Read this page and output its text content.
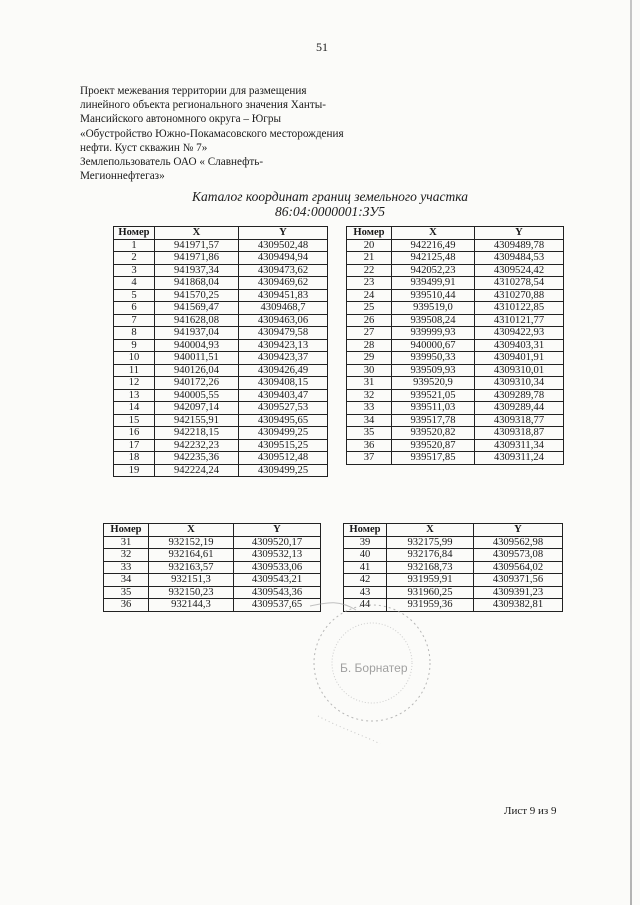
51
Проект межевания территории для размещения
линейного объекта регионального значения Ханты-
Мансийского автономного округа – Югры
«Обустройство Южно-Покамасовского месторождения
нефти. Куст скважин № 7»
Землепользователь ОАО « Славнефть-
Мегионнефтегаз»
Каталог координат границ земельного участка
86:04:0000001:ЗУ5
Номер	X	Y
1	941971,57	4309502,48
2	941971,86	4309494,94
3	941937,34	4309473,62
4	941868,04	4309469,62
5	941570,25	4309451,83
6	941569,47	4309468,7
7	941628,08	4309463,06
8	941937,04	4309479,58
9	940004,93	4309423,13
10	940011,51	4309423,37
11	940126,04	4309426,49
12	940172,26	4309408,15
13	940005,55	4309403,47
14	942097,14	4309527,53
15	942155,91	4309495,65
16	942218,15	4309499,25
17	942232,23	4309515,25
18	942235,36	4309512,48
19	942224,24	4309499,25
Номер	X	Y
20	942216,49	4309489,78
21	942125,48	4309484,53
22	942052,23	4309524,42
23	939499,91	4310278,54
24	939510,44	4310270,88
25	939519,0	4310122,85
26	939508,24	4310121,77
27	939999,93	4309422,93
28	940000,67	4309403,31
29	939950,33	4309401,91
30	939509,93	4309310,01
31	939520,9	4309310,34
32	939521,05	4309289,78
33	939511,03	4309289,44
34	939517,78	4309318,77
35	939520,82	4309318,87
36	939520,87	4309311,34
37	939517,85	4309311,24
Номер	X	Y
31	932152,19	4309520,17
32	932164,61	4309532,13
33	932163,57	4309533,06
34	932151,3	4309543,21
35	932150,23	4309543,36
36	932144,3	4309537,65
Номер	X	Y
39	932175,99	4309562,98
40	932176,84	4309573,08
41	932168,73	4309564,02
42	931959,91	4309371,56
43	931960,25	4309391,23
44	931959,36	4309382,81
Б. Борнатер
Лист 9 из 9
